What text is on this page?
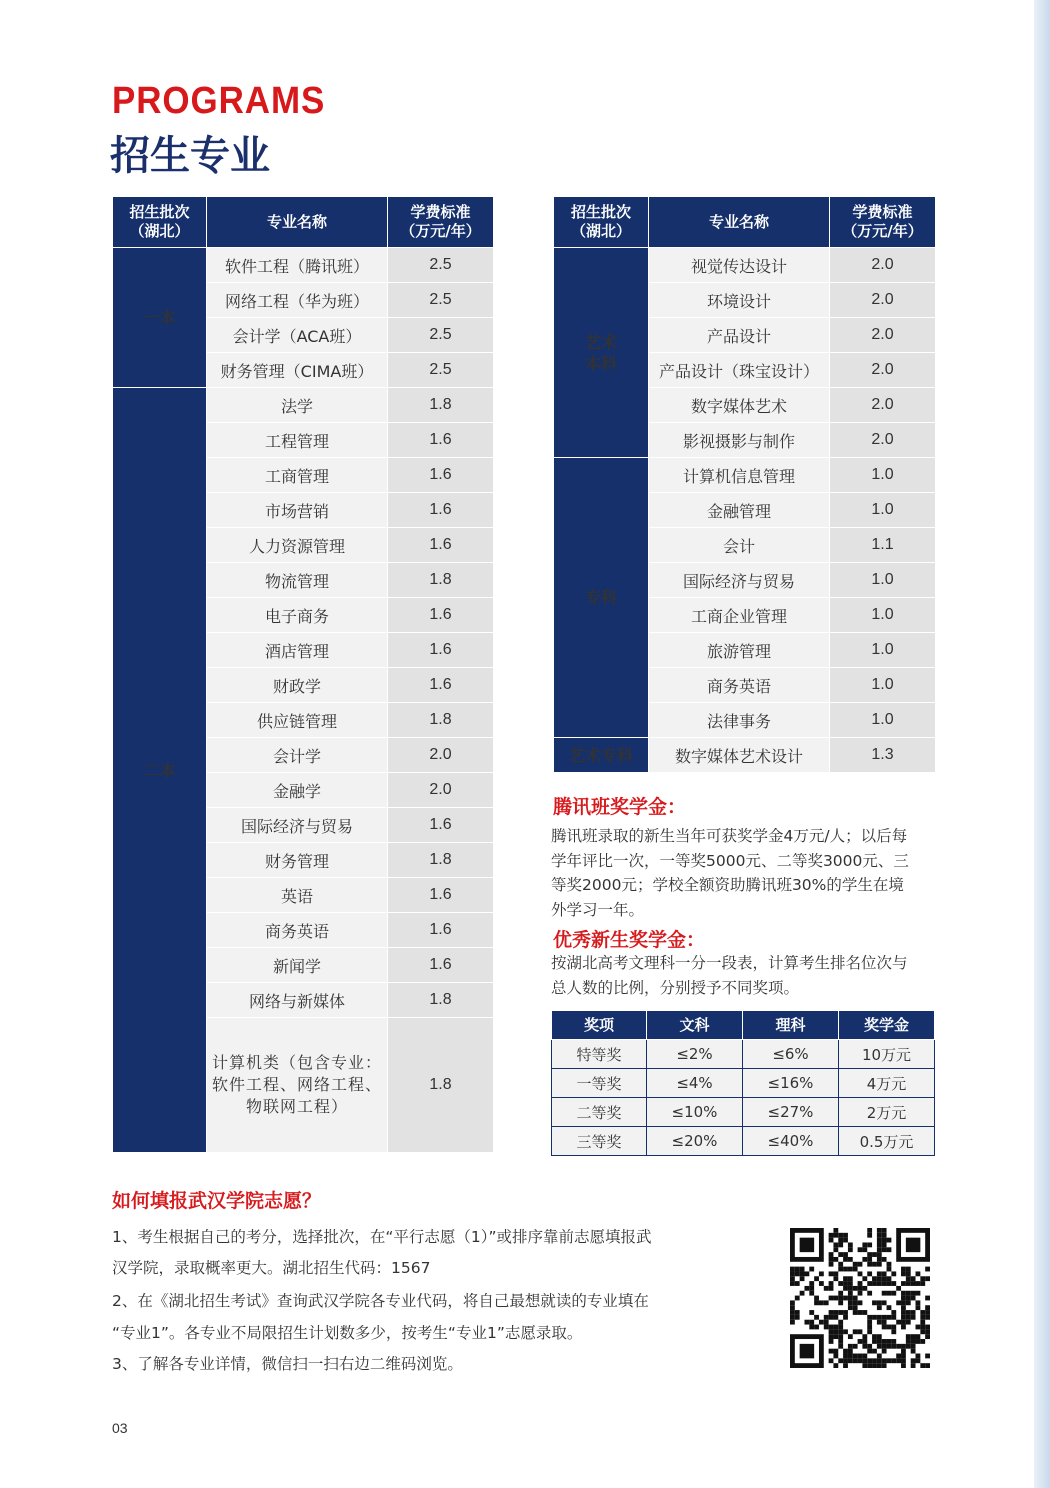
PROGRAMS
招生专业
招生批次
（湖北）	专业名称	学费标准
（万元/年）
一本	软件工程（腾讯班）	2.5
	网络工程（华为班）	2.5
	会计学（ACA班）	2.5
	财务管理（CIMA班）	2.5
二本	法学	1.8
	工程管理	1.6
	工商管理	1.6
	市场营销	1.6
	人力资源管理	1.6
	物流管理	1.8
	电子商务	1.6
	酒店管理	1.6
	财政学	1.6
	供应链管理	1.8
	会计学	2.0
	金融学	2.0
	国际经济与贸易	1.6
	财务管理	1.8
	英语	1.6
	商务英语	1.6
	新闻学	1.6
	网络与新媒体	1.8
	计算机类（包含专业：软件工程、网络工程、物联网工程）	1.8
招生批次
（湖北）	专业名称	学费标准
（万元/年）
艺术
本科	视觉传达设计	2.0
	环境设计	2.0
	产品设计	2.0
	产品设计（珠宝设计）	2.0
	数字媒体艺术	2.0
	影视摄影与制作	2.0
专科	计算机信息管理	1.0
	金融管理	1.0
	会计	1.1
	国际经济与贸易	1.0
	工商企业管理	1.0
	旅游管理	1.0
	商务英语	1.0
	法律事务	1.0
艺术专科	数字媒体艺术设计	1.3
腾讯班奖学金：
腾讯班录取的新生当年可获奖学金4万元/人；以后每
学年评比一次，一等奖5000元、二等奖3000元、三
等奖2000元；学校全额资助腾讯班30%的学生在境
外学习一年。
优秀新生奖学金：
按湖北高考文理科一分一段表，计算考生排名位次与
总人数的比例，分别授予不同奖项。
奖项	文科	理科	奖学金
特等奖	≤2%	≤6%	10万元
一等奖	≤4%	≤16%	4万元
二等奖	≤10%	≤27%	2万元
三等奖	≤20%	≤40%	0.5万元
如何填报武汉学院志愿？
1、考生根据自己的考分，选择批次，在“平行志愿（1）”或排序靠前志愿填报武
汉学院，录取概率更大。湖北招生代码：1567
2、在《湖北招生考试》查询武汉学院各专业代码，将自己最想就读的专业填在
“专业1”。各专业不局限招生计划数多少，按考生“专业1”志愿录取。
3、了解各专业详情，微信扫一扫右边二维码浏览。
03
